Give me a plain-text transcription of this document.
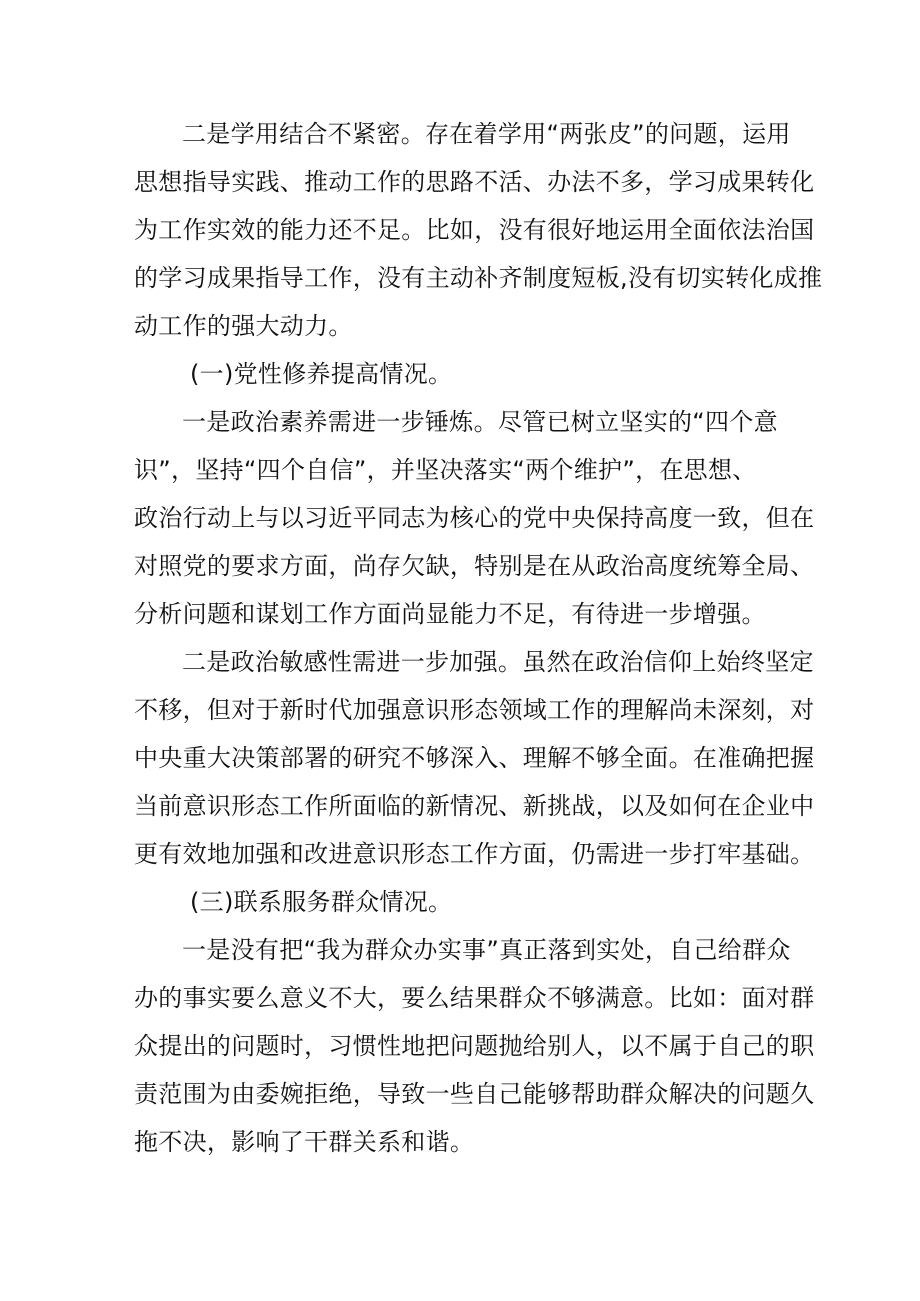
二是学用结合不紧密。存在着学用“两张皮”的问题，运用
思想指导实践、推动工作的思路不活、办法不多，学习成果转化
为工作实效的能力还不足。比如，没有很好地运用全面依法治国
的学习成果指导工作，没有主动补齐制度短板,没有切实转化成推
动工作的强大动力。
(一)党性修养提高情况。
一是政治素养需进一步锤炼。尽管已树立坚实的“四个意
识”，坚持“四个自信”，并坚决落实“两个维护”，在思想、
政治行动上与以习近平同志为核心的党中央保持高度一致，但在
对照党的要求方面，尚存欠缺，特别是在从政治高度统筹全局、
分析问题和谋划工作方面尚显能力不足，有待进一步增强。
二是政治敏感性需进一步加强。虽然在政治信仰上始终坚定
不移，但对于新时代加强意识形态领域工作的理解尚未深刻，对
中央重大决策部署的研究不够深入、理解不够全面。在准确把握
当前意识形态工作所面临的新情况、新挑战，以及如何在企业中
更有效地加强和改进意识形态工作方面，仍需进一步打牢基础。
(三)联系服务群众情况。
一是没有把“我为群众办实事”真正落到实处，自己给群众
办的事实要么意义不大，要么结果群众不够满意。比如：面对群
众提出的问题时，习惯性地把问题抛给别人，以不属于自己的职
责范围为由委婉拒绝，导致一些自己能够帮助群众解决的问题久
拖不决，影响了干群关系和谐。
